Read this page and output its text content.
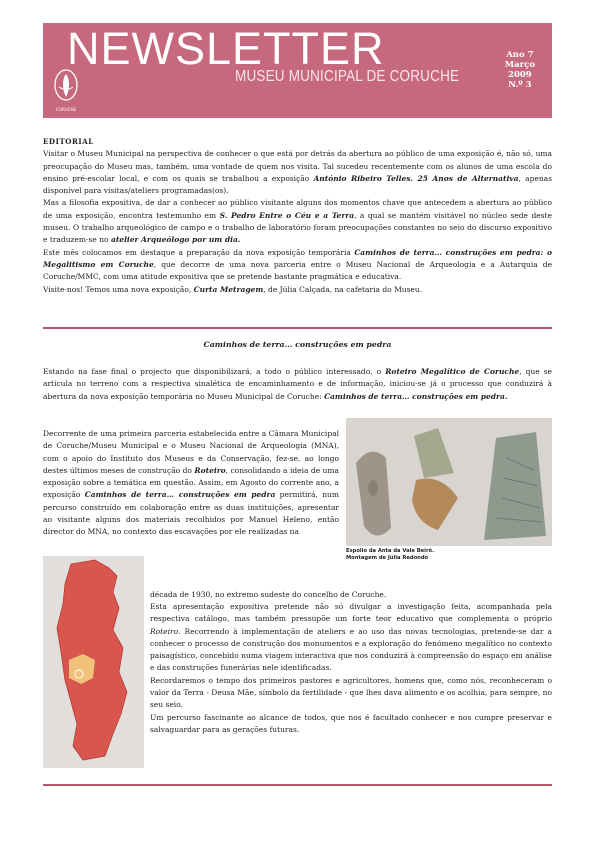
CORUCHE
NEWSLETTER
MUSEU MUNICIPAL DE CORUCHE
Ano 7
Março
2009
N.º 3

EDITORIAL

Visitar o Museu Municipal na perspectiva de conhecer o que está por detrás da abertura ao público de uma exposição é, não só, uma preocupação do Museu mas, também, uma vontade de quem nos visita. Tal sucedeu recentemente com os alunos de uma escola do ensino pré-escolar local, e com os quais se trabalhou a exposição António Ribeiro Telles. 25 Anos de Alternativa, apenas disponível para visitas/ateliers programadas(os).

Mas a filosofia expositiva, de dar a conhecer ao público visitante alguns dos momentos chave que antecedem a abertura ao público de uma exposição, encontra testemunho em S. Pedro Entre o Céu e a Terra, a qual se mantém visitável no núcleo sede deste museu. O trabalho arqueológico de campo e o trabalho de laboratório foram preocupações constantes no seio do discurso expositivo e traduzem-se no atelier Arqueólogo por um dia.

Este mês colocamos em destaque a preparação da nova exposição temporária Caminhos de terra… construções em pedra: o Megalitismo em Coruche, que decorre de uma nova parceria entre o Museu Nacional de Arqueologia e a Autarquia de Coruche/MMC, com uma atitude expositiva que se pretende bastante pragmática e educativa.

Visite-nos! Temos uma nova exposição, Curta Metragem, de Júlia Calçada, na cafetaria do Museu.

Caminhos de terra… construções em pedra

Estando na fase final o projecto que disponibilizará, a todo o público interessado, o Roteiro Megalítico de Coruche, que se articula no terreno com a respectiva sinalética de encaminhamento e de informação, iniciou-se já o processo que conduzirá à abertura da nova exposição temporária no Museu Municipal de Coruche: Caminhos de terra… construções em pedra.

Decorrente de uma primeira parceria estabelecida entre a Câmara Municipal de Coruche/Museu Municipal e o Museu Nacional de Arqueologia (MNA), com o apoio do Instituto dos Museus e da Conservação, fez-se, ao longo destes últimos meses de construção do Roteiro, consolidando a ideia de uma exposição sobre a temática em questão. Assim, em Agosto do corrente ano, a exposição Caminhos de terra… construções em pedra permitirá, num percurso construído em colaboração entre as duas instituições, apresentar ao visitante alguns dos materiais recolhidos por Manuel Heleno, então director do MNA, no contexto das escavações por ele realizadas na

Espólio da Anta da Vale Beirô.
Montagem de Júlia Redondo

década de 1930, no extremo sudeste do concelho de Coruche.

Esta apresentação expositiva pretende não só divulgar a investigação feita, acompanhada pela respectiva catálogo, mas também pressupõe um forte teor educativo que complementa o próprio Roteiro. Recorrendo à implementação de ateliers e ao uso das novas tecnologias, pretende-se dar a conhecer o processo de construção dos monumentos e a exploração do fenómeno megalítico no contexto paisagístico, concebido numa viagem interactiva que nos conduzirá à compreensão do espaço em análise e das construções funerárias nele identificadas.

Recordaremos o tempo dos primeiros pastores e agricultores, homens que, como nós, reconheceram o valor da Terra - Deusa Mãe, símbolo da fertilidade - que lhes dava alimento e os acolhia, para sempre, no seu seio.

Um percurso fascinante ao alcance de todos, que nos é facultado conhecer e nos cumpre preservar e salvaguardar para as gerações futuras.
